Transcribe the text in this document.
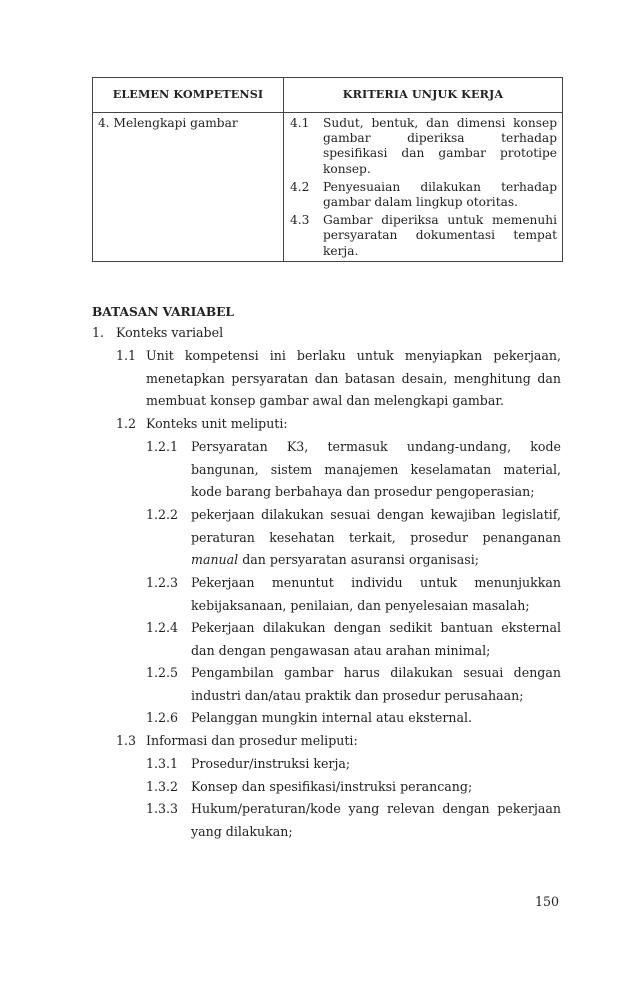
ELEMEN KOMPETENSI	KRITERIA UNJUK KERJA
4. Melengkapi gambar	4.1	Sudut, bentuk, dan dimensi konsep gambar diperiksa terhadap spesifikasi dan gambar prototipe konsep.
4.2	Penyesuaian dilakukan terhadap gambar dalam lingkup otoritas.
4.3	Gambar diperiksa untuk memenuhi persyaratan dokumentasi tempat kerja.
BATASAN VARIABEL
1. Konteks variabel
1.1 Unit kompetensi ini berlaku untuk menyiapkan pekerjaan, menetapkan persyaratan dan batasan desain, menghitung dan membuat konsep gambar awal dan melengkapi gambar.
1.2 Konteks unit meliputi:
1.2.1	Persyaratan K3, termasuk undang-undang, kode bangunan, sistem manajemen keselamatan material, kode barang berbahaya dan prosedur pengoperasian;
1.2.2	pekerjaan dilakukan sesuai dengan kewajiban legislatif, peraturan kesehatan terkait, prosedur penanganan manual dan persyaratan asuransi organisasi;
1.2.3	Pekerjaan menuntut individu untuk menunjukkan kebijaksanaan, penilaian, dan penyelesaian masalah;
1.2.4	Pekerjaan dilakukan dengan sedikit bantuan eksternal dan dengan pengawasan atau arahan minimal;
1.2.5	Pengambilan gambar harus dilakukan sesuai dengan industri dan/atau praktik dan prosedur perusahaan;
1.2.6	Pelanggan mungkin internal atau eksternal.
1.3 Informasi dan prosedur meliputi:
1.3.1	Prosedur/instruksi kerja;
1.3.2	Konsep dan spesifikasi/instruksi perancang;
1.3.3	Hukum/peraturan/kode yang relevan dengan pekerjaan yang dilakukan;
150
